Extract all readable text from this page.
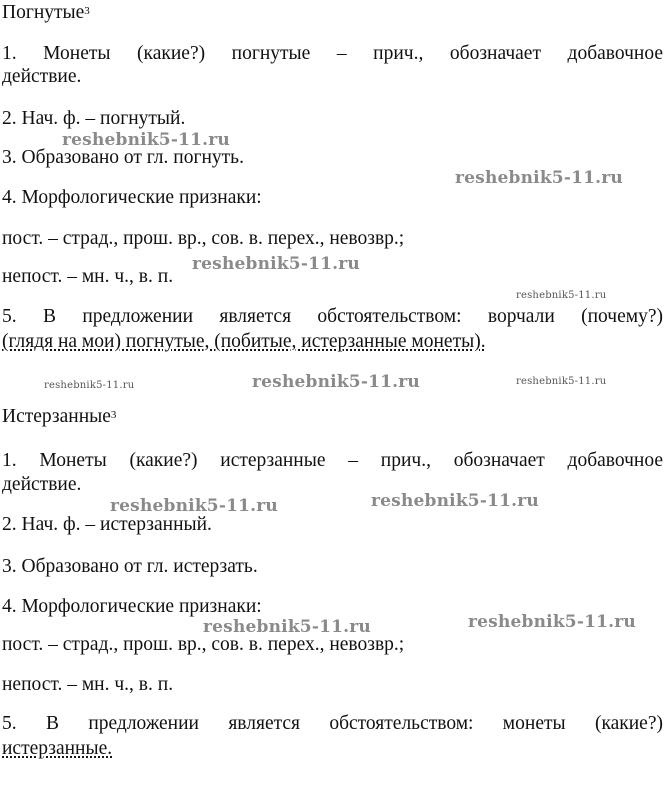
Погнутые$^3$
1. Монеты (какие?) погнутые – прич., обозначает добавочное
действие.
2. Нач. ф. – погнутый.
3. Образовано от гл. погнуть.
4. Морфологические признаки:
пост. – страд., прош. вр., сов. в. перех., невозвр.;
непост. – мн. ч., в. п.
5. В предложении является обстоятельством: ворчали (почему?)
(глядя на мои) погнутые, (побитые, истерзанные монеты).
Истерзанные$^3$
1. Монеты (какие?) истерзанные – прич., обозначает добавочное
действие.
2. Нач. ф. – истерзанный.
3. Образовано от гл. истерзать.
4. Морфологические признаки:
пост. – страд., прош. вр., сов. в. перех., невозвр.;
непост. – мн. ч., в. п.
5. В предложении является обстоятельством: монеты (какие?)
истерзанные.
reshebnik5-11.ru
reshebnik5-11.ru
reshebnik5-11.ru
reshebnik5-11.ru
reshebnik5-11.ru	reshebnik5-11.ru	reshebnik5-11.ru
reshebnik5-11.ru	reshebnik5-11.ru
reshebnik5-11.ru	reshebnik5-11.ru
